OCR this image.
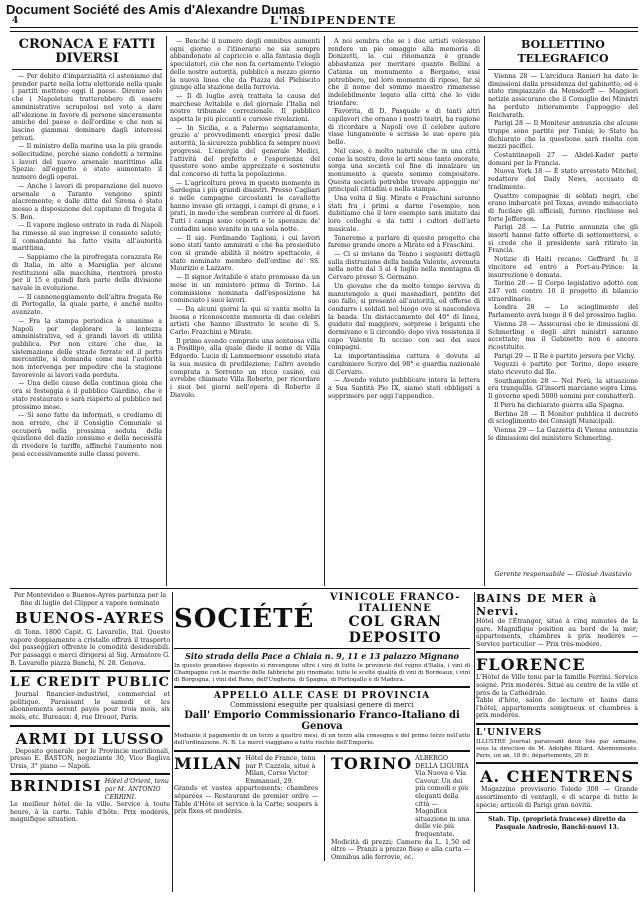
Document Société des Amis d'Alexandre Dumas
4	L'INDIPENDENTE
CRONACA E FATTI DIVERSI

— Per debito d'imparzialità ci asteniamo dal prender parte nella lotta elettorale nella quale i partiti mettono oggi il paese. Diremo solo che i Napoletani tratterebbero di essere amministrative scrupolosi nel voto a dare all'elezione in favore di persone sinceramente amiche del paese e dell'ordine e che non si lascino giammai dominare dagli interessi privati.

— Il ministro della marina usa la più grande sollecitudine, perché siano condotti a termine i lavori del nuovo arsenale marittimo alla Spezia: all'oggetto è stato aumentato il numero degli operai.

— Anche i lavori di preparazione del nuovo arsenale a Taranto vengono spinti alacremente; e dalle ditte del Sirena è stato mosso a disposizione del capitano di fregata il S. Bon.

— Il vapore inglese entrato in rada di Napoli ha rimesso al suo ingresso il consueto saluto; il comandante ha fatto visita all'autorità marittima.

— Sappiamo che la pirofregata corazzata Re di Italia, in alto a Marsiglia per alcune restituzioni alla macchina, rientrerà presto per il 15 e quindi farà parte della divisione navale in evoluzione.

— Il cannoneggiamento dell'altra fregata Re di Portogallo, la quale parte, è anche molto avanzato.

— Fra la stampa periodica è unanime a Napoli per deplorare la lentezza amministrativa, ed a grandi lavori di utilità pubblica. Per non citare che due, la sistemazione delle strade ferrate ed il porto mercantile, si domanda come mai l'autorità non intervenga per impedire che la stagione favorevole ai lavori vada perduta.

— Una delle cause della continua gioia che ora si festeggia è il pubblico Giardino, che è stato restaurato e sarà riaperto al pubblico nel prossimo mese.

— Si sono fatte da informati, e crediamo di non errare, che il Consiglio Comunale si occuperà nella prossima seduta della quistione del dazio consumo e della necessità di rivedere le tariffe, affinché l'aumento non pesi eccessivamente sulle classi povere.

— Benché il numero degli omnibus aumenti ogni giorno e l'itinerario ne sia sempre abbandonato al capriccio e alla fantasia degli speculatori, ciò che non fa certamente l'elogio delle nostre autorità, pubblicò a mezzo giorno la nuova linea che da Piazza del Plebiscito giunge alla stazione della ferrovia.

— Il dì luglio avrà trattata la causa del marchese Avitabile e del giornale l'Italia nel nostro tribunale correzionale. Il pubblico aspetta le più piccanti e curiose rivelazioni.

— In Sicilia, e a Palermo segnatamente, grazie a' provvedimenti energici presi dalle autorità, la sicurezza pubblica fa sempre nuovi progressi. L'energia del generale Medici, l'attività del prefetto e l'esperienza del questore sono ambe apprezzate e sostenute dal concorso di tutta la popolazione.

— L'agricoltura prova in questo momento in Sardegna i più grandi disastri. Presso Cagliari e nelle campagne circostanti le cavallette hanno invaso gli orzaggi, i campi di grano, e i prati, in modo che sembran correre al di fuori. Tutti i campi sono coperti e le speranze de' contadini sono svanite in una sola notte.

— Il sig. Ferdinando Taglioni, i cui lavori sono stati tanto ammirati e che ha presieduto con si grande abilità il nostro spettacolo, è stato nominato membro dell'ordine de' SS. Maurizio e Lazzaro.

— Il signor Avitabile è stato promosso da un mese in un ministero prima di Torino. La commissione nominata dall'esposizione ha cominciato i suoi lavori.

— Da alcuni giorni la qui si vanta molto la buona e riconoscente memoria di due celebri artisti che hanno illustrato le scene di S. Carlo: Frazchini e Mirate.

Il primo avendo comprato una sontuosa villa a Posillipo, alla quale diede il nome di Villa Edgardo. Lucia di Lammermoor essendo stata la sua musica di predilezione; l'altro avendo comprata a Sorrento un ricco casino, cui avrebbe chiamato Villa Roberto, per ricordare i suoi bei giorni nell'opera di Roberto il Diavolo.

A noi sembra che se i due artisti volevano rendere un pio omaggio alla memoria di Donizetti, la cui rinomanza è grande abbastanza per meritare quanto Bellini a Catania un monumento a Bergamo, essi potrebbero, nel loro momento di riposo, far sì che il nome del sommo maestro rimanesse indelebilmente legato alla città che lo vide trionfare.

Favorita, di D. Pasquale e di tanti altri capilavori che ornano i nostri teatri, ha ragione di ricordare a Napoli ove il celebre autore visse lungamente e scrisse le sue opere più belle.

Nel caso, è molto naturale che in una città come la nostra, dove le arti sono tanto onorate, sorga una società col fine di innalzare un monumento a questo sommo compositore. Questa società potrebbe trovare appoggio ne' principali cittadini e nella stampa.

Una volta il Sig. Mirate e Fraschini saranno stati fra i primi a darne l'esempio, non dubitiamo che il loro esempio sarà imitato dai loro colleghi e da tutti i cultori dell'arte musicale.

Toneremo a parlare di questo progetto che faremo grande onore a Mirate ed a Fraschini.

— Ci si inviano da Teano i seguenti dettagli sulla distruzione della banda Valente, avvenuta nella notte dal 3 al 4 luglio nella montagna di Cervaro presso S. Germano.

Un giovane che da molto tempo serviva di manutengolo a quei masnadieri, pentito del suo fallo, si presentò all'autorità, ed offerse di condurre i soldati nel luogo ove si nascondeva la banda. Un distaccamento del 40° di linea, guidato dal maggiore, sorprese i briganti che dormivano e li circondò; dopo viva resistenza il capo Valente fu ucciso con sei dei suoi compagni.

La importantissima cattura è dovuta al carabiniere Scrivo del 98° e guardia nazionale di Cervaro.

— Avendo voluto pubblicare intera la lettera a Sua Santità Pio IX, siamo stati obbligati a sopprimere per oggi l'appendice.

BOLLETTINO TELEGRAFICO

Vienna 28 — L'arciduca Ranieri ha dato le dimissioni dalla presidenza del gabinetto, ed è stato rimpiazzato da Mensdorff — Maggiori notizie assicurano che il Consiglio dei Ministri ha perduto intieramente l'appoggio del Reichsrath.

Parigi 28 — Il Moniteur annunzia che alcune truppe sono partite per Tunisi; lo Stato ha dichiarato che la questione sarà risolta con mezzi pacifici.

Costantinopoli 27 — Abdel-Kader parte domani per la Francia.

Nuova York 18 — È stato arrestato Mitchel, redattore del Daily News, accusato di tradimento.

Quattro compagnie di soldati negri, che erano imbarcate pel Texas, avendo minacciato di fucilare gli ufficiali, furono rinchiuse nel forte Jefferson.

Parigi 28 — La Patrie annunzia che gli insorti hanno fatto offerte di sottomettersi, e si crede che il presidente sarà ritirato in Francia.

Notizie di Haiti recano: Geffrard fu il vincitore ed entrò a Port-au-Prince: la insurrezione è domata.

Torino 28 — Il Corpo legislativo adottò con 247 voti contro 10 il progetto di bilancio straordinario.

Londra 28 — Lo scioglimento del Parlamento avrà luogo il 6 del prossimo luglio.

Vienna 28 — Assicurasi che le dimissioni di Schmerling e degli altri ministri saranno accettate; ma il Gabinetto non è ancora ricostituito.

Parigi 29 — Il Re è partito jersera per Vichy.

Vegezzi è partito per Torino, dopo essere stato ricevuto dal Re.

Southampton 28 — Nel Perù, la situazione era tranquilla. Gl'insorti marciano sopra Lima. Il governo spedì 5000 uomini per combatterli.

Il Perù ha dichiarato guerra alla Spagna.

Berlino 28 — Il Monitor pubblica il decreto di scioglimento dei Consigli Municipali.

Vienna 29 — La Gazzetta di Vienna annunzia le dimissioni del ministero Schmerling.

Gerente responsabile — Giosuè Avastavio
Per Montevideo e Buenos-Ayres partenza per la fine di luglio del Clipper a vapore nominato
BUENOS-AYRES
di Tonn. 1800 Capit. G. Lavarello, Ital. Questo vapore doppiamente a cristallo offrirà il trasporto dei passeggieri offrente le comodità desiderabili. Per passaggi e merci dirigersi al Sig. Armatore G. B. Lavarello piazza Banchi, N. 28. Genova.
LE CREDIT PUBLIC
Journal financier-industriel, commercial et politique. Paraissant le samedi et les abonnements seront payés pour trois mois, six mois, etc. Bureaux: 4, rue Drouot, Paris.
ARMI DI LUSSO
Deposito generale per le Provincie meridionali, presso E. BASTON, negoziante 30, Vico Bagliva Ursis, 3° piano — Napoli.
BRINDISI Hôtel d'Orient, tenu par M. ANTONIO CERRINI.
Le meilleur hôtel de la ville. Service à toute heure, à la carte. Table d'hôte. Prix modérés, magnifique situation.
SOCIÉTÉ
VINICOLE FRANCO-ITALIENNE
COL GRAN DEPOSITO
Sito strada della Pace a Chiaia n. 9, 11 e 13 palazzo Mignano
In questo grandioso deposito si rinvengono oltre i vini di tutte le provincie del regno d'Italia, i vini di Champagne con le marche delle fabbriche più rinomate; tutte le scelte qualità di vini di Bordeaux, i vini di Borgogna, i vini del Reno, dell'Ungheria, di Spagna, di Portogallo e di Madera.
APPELLO ALLE CASE DI PROVINCIA
Commissioni eseguite per qualsiasi genere di merci
Dall' Emporio Commissionario Franco-Italiano di Genova
Mediante il pagamento di un terzo a quattro mesi, di un terzo alla consegna e del primo terzo nell'atto dell'ordinazione. N. B. Le merci viaggiano a tutto rischio dell'Emporio.
MILAN Hôtel de France, tenu par P. Cazzola, situé à Milan, Corso Victor Emmanuel, 29.
Grands et vastes appartements; chambres séparées — Restaurant de premier ordre — Table d'Hôte et service à la Carte; soupers à prix fixes et modérés.
TORINO ALBERGO DELLA LIGURIA Via Nuova e Via Cavour. Un dei più comodi e più eleganti della città — Magnifica situazione in una delle vie più frequentate.
Modicità di prezzi; Camere da L. 1,50 ed oltre — Pranzi a prezzo fisso e alla carta — Omnibus alle ferrovie, ec.
BAINS DE MER à Nervi.
Hôtel de l'Étranger, situé à cinq minutes de la gare. Magnifique position au bord de la mer; appartements, chambres à prix modérés — Service particulier — Prix très-modéré.
FLORENCE
L'Hôtel de Ville tenu par la famille Ferrini. Service soigné. Prix modérés. Situé au centre de la ville et près de la Cathédrale.
Table d'hôte, salon de lecture et bains dans l'hôtel, appartements somptueux et chambres à prix modérés.
L'UNIVERS
ILLUSTRÉ Journal paraissant deux fois par semaine, sous la direction de M. Adolphe Bitard. Abonnements: Paris, un an, 18 fr.; départements, 20 fr.
A. CHENTRENS
Magazzino provvisorio Toledo 308 — Grande assortimento di ventagli, e di scarpe di tutte le specie; articoli di Parigi gran novità.
Stab. Tip. (proprietà francese) diretto da Pasquale Androsio, Banchi-nuovi 13.
